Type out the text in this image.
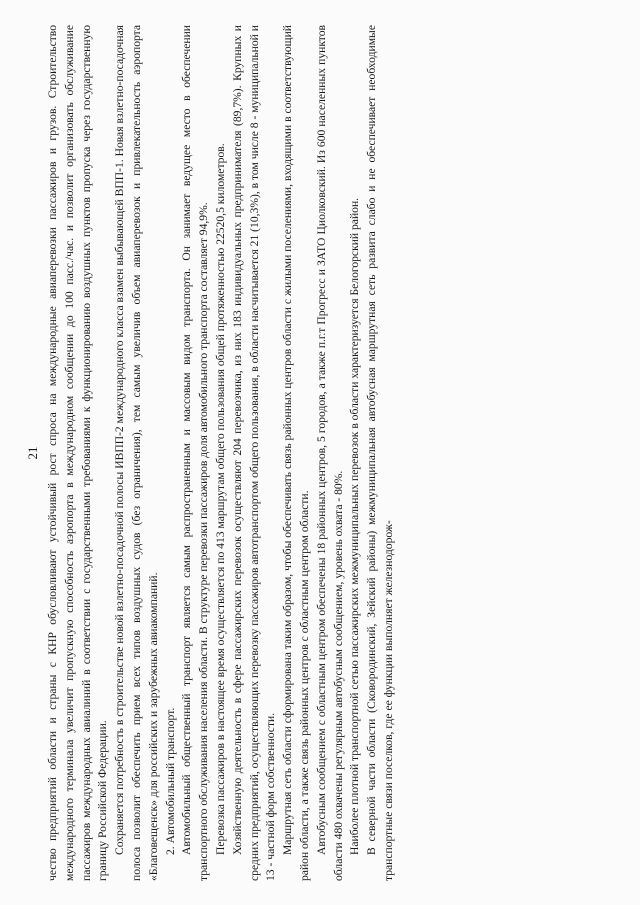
21 чество предприятий области и страны с КНР обусловливают устойчивый рост спроса на международные авиаперевозки пассажиров и грузов. Строительство международного терминала увеличит пропускную способность аэропорта в международном сообщении до 100 пасс./час. и позволит организовать обслуживание пассажиров международных авиалиний в соответствии с государственными требованиями к функционированию воздушных пунктов пропуска через государственную границу Российской Федерации. Сохраняется потребность в строительстве новой взлетно-посадочной полосы ИВПП-2 международного класса взамен выбывающей ВПП-1. Новая взлетно-посадочная полоса позволит обеспечить прием всех типов воздушных судов (без ограничения), тем самым увеличив объем авиаперевозок и привлекательность аэропорта «Благовещенск» для российских и зарубежных авиакомпаний. 2. Автомобильный транспорт. Автомобильный общественный транспорт является самым распространенным и массовым видом транспорта. Он занимает ведущее место в обеспечении транспортного обслуживания населения области. В структуре перевозки пассажиров доля автомобильного транспорта составляет 94,9%. Перевозка пассажиров в настоящее время осуществляется по 413 маршрутам общего пользования общей протяженностью 22520,5 километров. Хозяйственную деятельность в сфере пассажирских перевозок осуществляют 204 перевозчика, из них 183 индивидуальных предпринимателя (89,7%). Крупных и средних предприятий, осуществляющих перевозку пассажиров автотранспортом общего пользования, в области насчитывается 21 (10,3%), в том числе 8 - муниципальной и 13 - частной форм собственности. Маршрутная сеть области сформирована таким образом, чтобы обеспечивать связь районных центров области с жилыми поселениями, входящими в соответствующий район области, а также связь районных центров с областным центром области. Автобусным сообщением с областным центром обеспечены 18 районных центров, 5 городов, а также п.г.т Прогресс и ЗАТО Циолковский. Из 600 населенных пунктов области 480 охвачены регулярным автобусным сообщением, уровень охвата - 80%. Наиболее плотной транспортной сетью пассажирских межмуниципальных перевозок в области характеризуется Белогорский район. В северной части области (Сковородинский, Зейский районы) межмуниципальная автобусная маршрутная сеть развита слабо и не обеспечивает необходимые транспортные связи поселков, где ее функции выполняет железнодорож-
